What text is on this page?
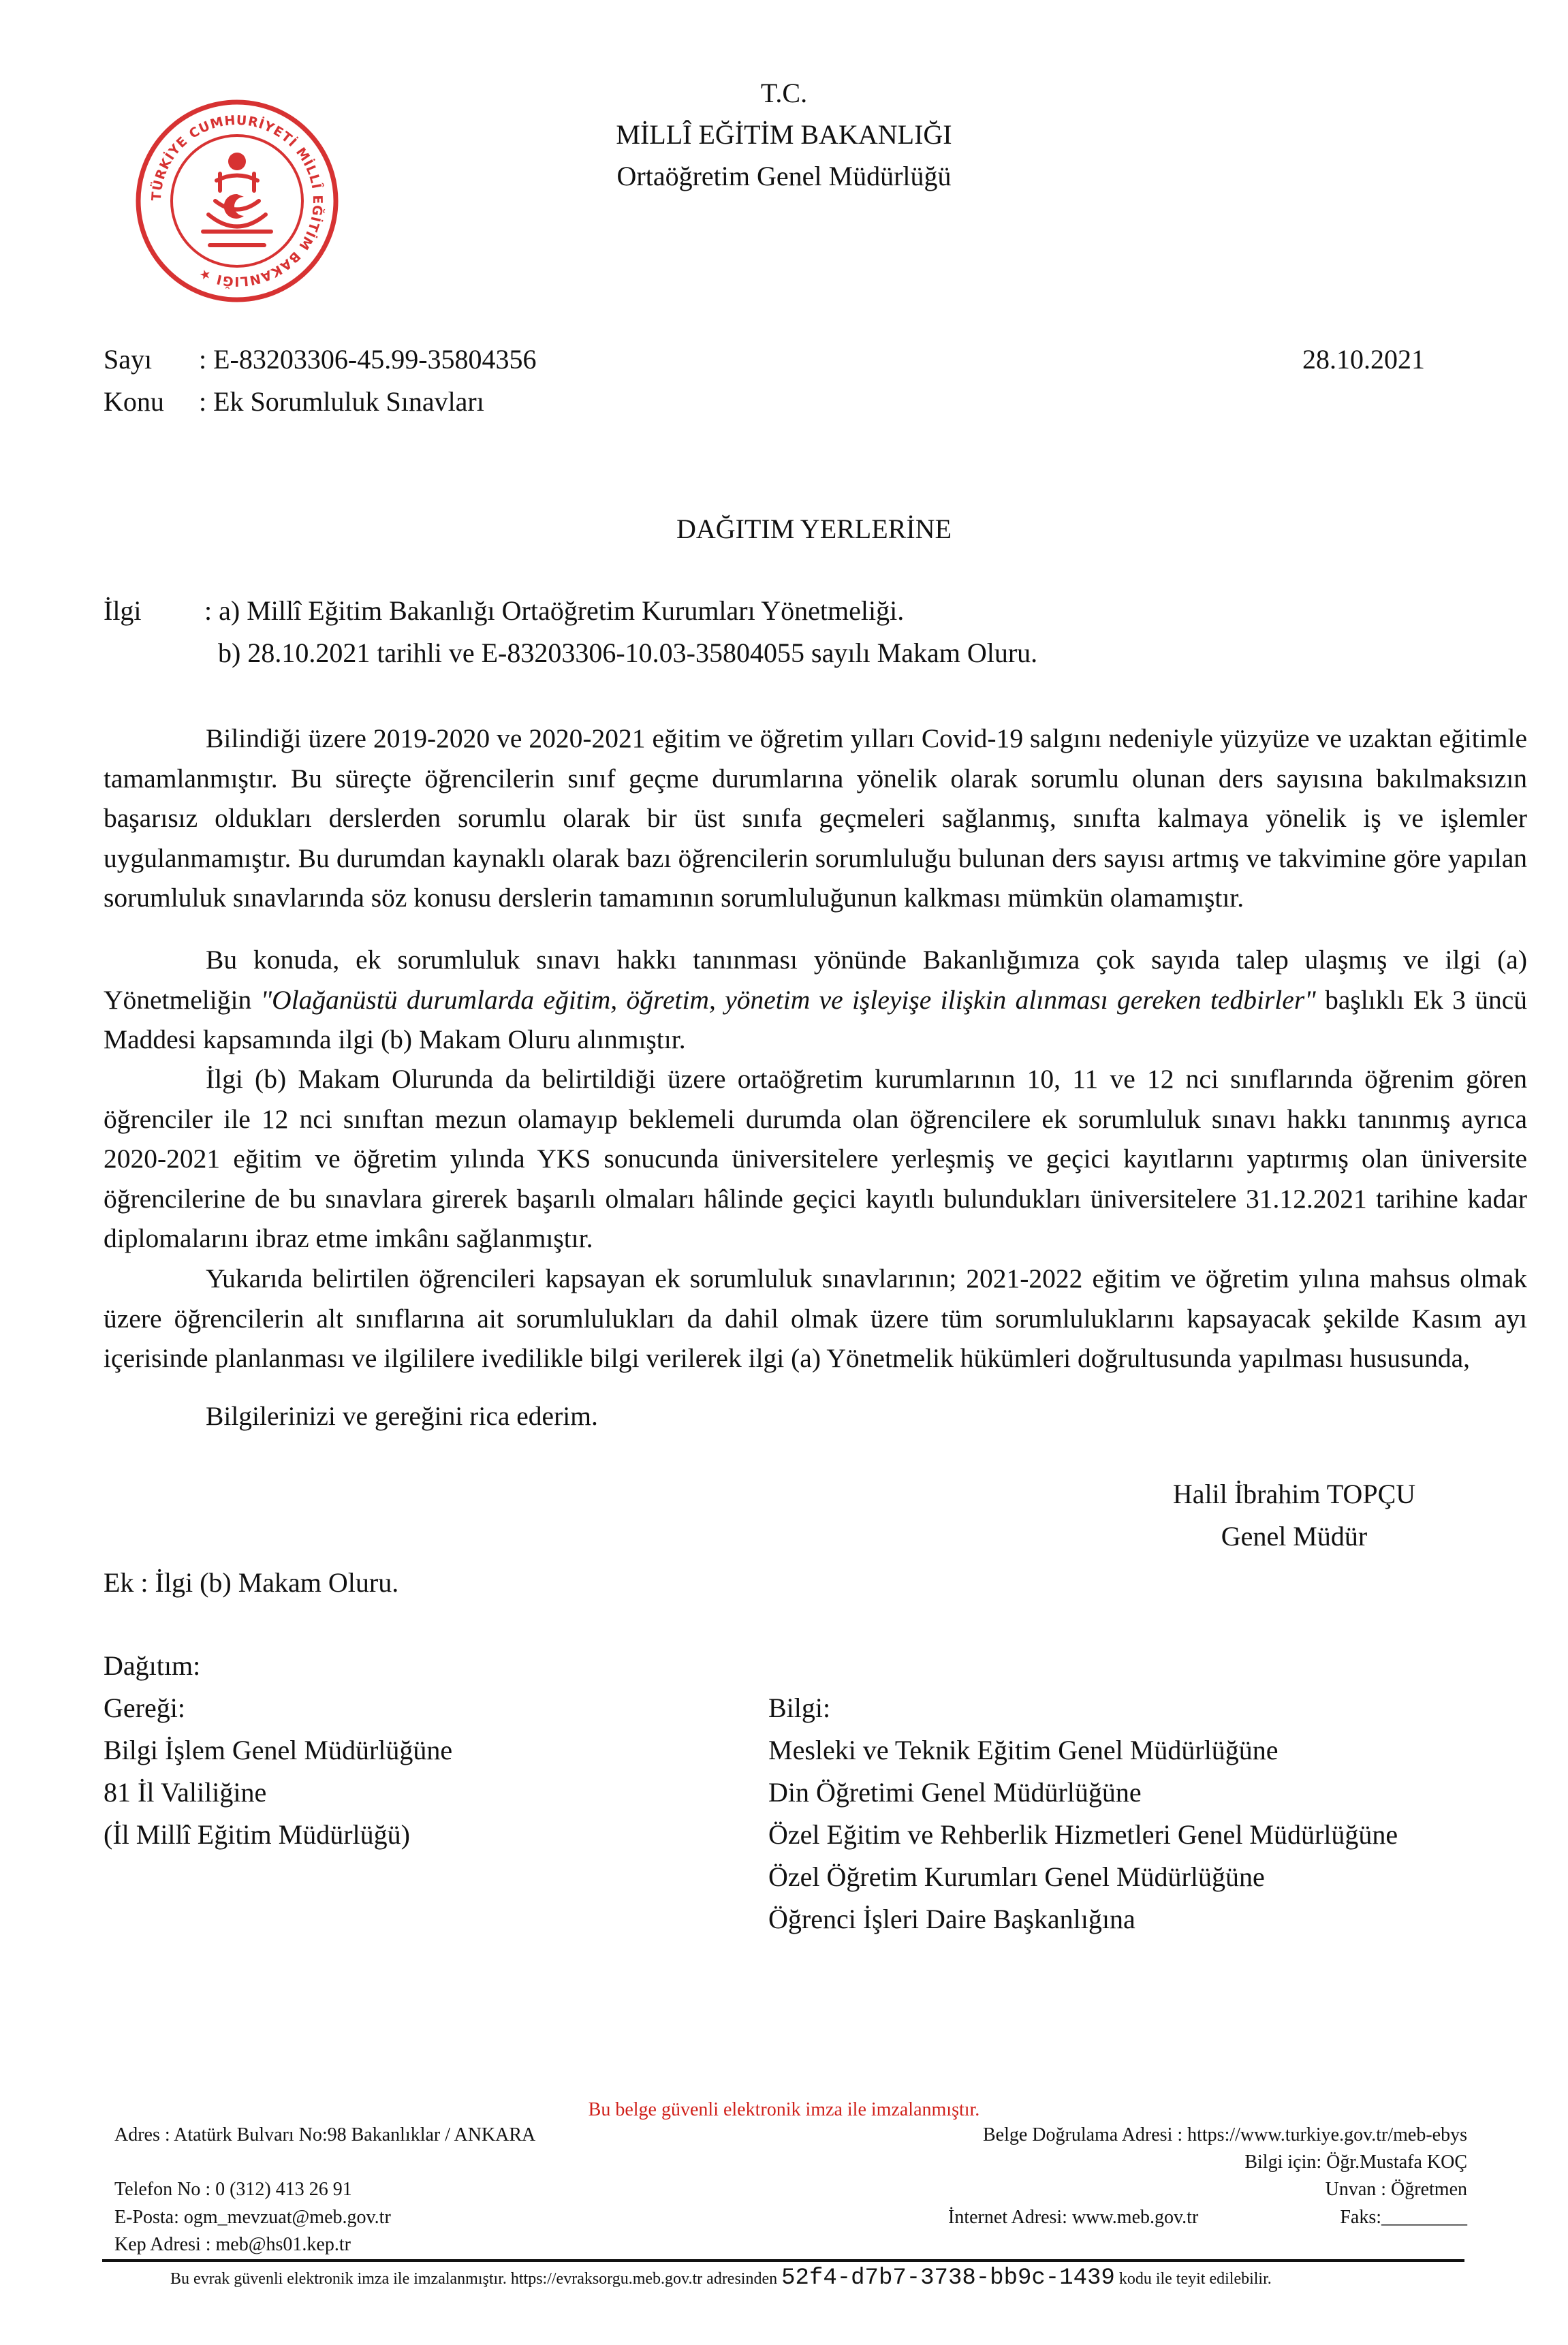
TÜRKİYE CUMHURİYETİ MİLLÎ EĞİTİM BAKANLIĞI ★
T.C.
MİLLÎ EĞİTİM BAKANLIĞI
Ortaöğretim Genel Müdürlüğü
Sayı : E-83203306-45.99-35804356	28.10.2021
Konu : Ek Sorumluluk Sınavları
DAĞITIM YERLERİNE
İlgi : a) Millî Eğitim Bakanlığı Ortaöğretim Kurumları Yönetmeliği.
b) 28.10.2021 tarihli ve E-83203306-10.03-35804055 sayılı Makam Oluru.
Bilindiği üzere 2019-2020 ve 2020-2021 eğitim ve öğretim yılları Covid-19 salgını nedeniyle yüzyüze ve uzaktan eğitimle tamamlanmıştır. Bu süreçte öğrencilerin sınıf geçme durumlarına yönelik olarak sorumlu olunan ders sayısına bakılmaksızın başarısız oldukları derslerden sorumlu olarak bir üst sınıfa geçmeleri sağlanmış, sınıfta kalmaya yönelik iş ve işlemler uygulanmamıştır. Bu durumdan kaynaklı olarak bazı öğrencilerin sorumluluğu bulunan ders sayısı artmış ve takvimine göre yapılan sorumluluk sınavlarında söz konusu derslerin tamamının sorumluluğunun kalkması mümkün olamamıştır.
Bu konuda, ek sorumluluk sınavı hakkı tanınması yönünde Bakanlığımıza çok sayıda talep ulaşmış ve ilgi (a) Yönetmeliğin "Olağanüstü durumlarda eğitim, öğretim, yönetim ve işleyişe ilişkin alınması gereken tedbirler" başlıklı Ek 3 üncü Maddesi kapsamında ilgi (b) Makam Oluru alınmıştır.
İlgi (b) Makam Olurunda da belirtildiği üzere ortaöğretim kurumlarının 10, 11 ve 12 nci sınıflarında öğrenim gören öğrenciler ile 12 nci sınıftan mezun olamayıp beklemeli durumda olan öğrencilere ek sorumluluk sınavı hakkı tanınmış ayrıca 2020-2021 eğitim ve öğretim yılında YKS sonucunda üniversitelere yerleşmiş ve geçici kayıtlarını yaptırmış olan üniversite öğrencilerine de bu sınavlara girerek başarılı olmaları hâlinde geçici kayıtlı bulundukları üniversitelere 31.12.2021 tarihine kadar diplomalarını ibraz etme imkânı sağlanmıştır.
Yukarıda belirtilen öğrencileri kapsayan ek sorumluluk sınavlarının; 2021-2022 eğitim ve öğretim yılına mahsus olmak üzere öğrencilerin alt sınıflarına ait sorumlulukları da dahil olmak üzere tüm sorumluluklarını kapsayacak şekilde Kasım ayı içerisinde planlanması ve ilgililere ivedilikle bilgi verilerek ilgi (a) Yönetmelik hükümleri doğrultusunda yapılması hususunda,
Bilgilerinizi ve gereğini rica ederim.
Halil İbrahim TOPÇU
Genel Müdür
Ek : İlgi (b) Makam Oluru.
Dağıtım:
Gereği:
Bilgi İşlem Genel Müdürlüğüne
81 İl Valiliğine
(İl Millî Eğitim Müdürlüğü)
Bilgi:
Mesleki ve Teknik Eğitim Genel Müdürlüğüne
Din Öğretimi Genel Müdürlüğüne
Özel Eğitim ve Rehberlik Hizmetleri Genel Müdürlüğüne
Özel Öğretim Kurumları Genel Müdürlüğüne
Öğrenci İşleri Daire Başkanlığına
Bu belge güvenli elektronik imza ile imzalanmıştır.
Adres : Atatürk Bulvarı No:98 Bakanlıklar / ANKARA	Belge Doğrulama Adresi : https://www.turkiye.gov.tr/meb-ebys
Bilgi için: Öğr.Mustafa KOÇ
Telefon No : 0 (312) 413 26 91	Unvan : Öğretmen
E-Posta: ogm_mevzuat@meb.gov.tr	İnternet Adresi: www.meb.gov.tr	Faks:_________
Kep Adresi : meb@hs01.kep.tr
Bu evrak güvenli elektronik imza ile imzalanmıştır. https://evraksorgu.meb.gov.tr adresinden 52f4-d7b7-3738-bb9c-1439 kodu ile teyit edilebilir.
